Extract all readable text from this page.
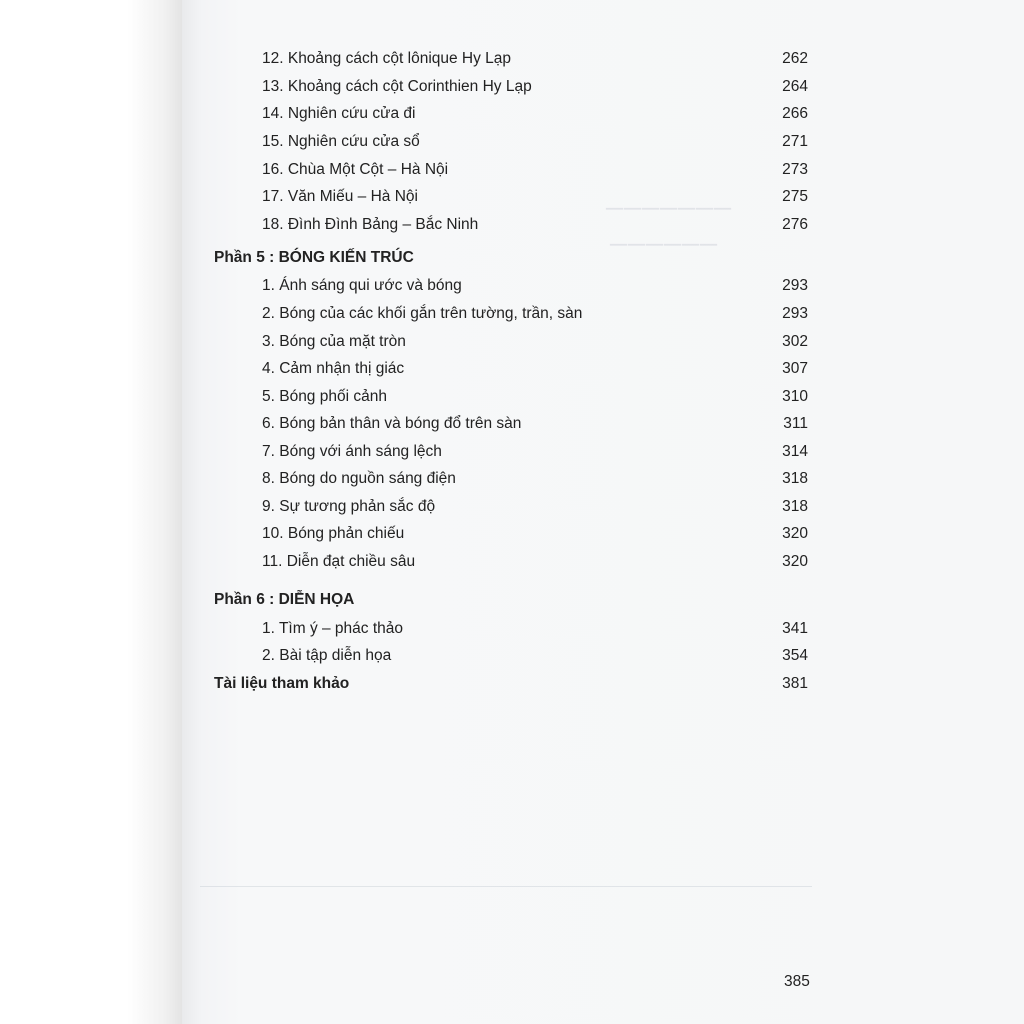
───────
──────
12. Khoảng cách cột lônique Hy Lạp	262
13. Khoảng cách cột Corinthien Hy Lạp	264
14. Nghiên cứu cửa đi	266
15. Nghiên cứu cửa sổ	271
16. Chùa Một Cột – Hà Nội	273
17. Văn Miếu – Hà Nội	275
18. Đình Đình Bảng – Bắc Ninh	276
Phần 5 : BÓNG KIẾN TRÚC
1. Ánh sáng qui ước và bóng	293
2. Bóng của các khối gắn trên tường, trần, sàn	293
3. Bóng của mặt tròn	302
4. Cảm nhận thị giác	307
5. Bóng phối cảnh	310
6. Bóng bản thân và bóng đổ trên sàn	311
7. Bóng với ánh sáng lệch	314
8. Bóng do nguồn sáng điện	318
9. Sự tương phản sắc độ	318
10. Bóng phản chiếu	320
11. Diễn đạt chiều sâu	320
Phần 6 : DIỄN HỌA
1. Tìm ý – phác thảo	341
2. Bài tập diễn họa	354
Tài liệu tham khảo	381
385
